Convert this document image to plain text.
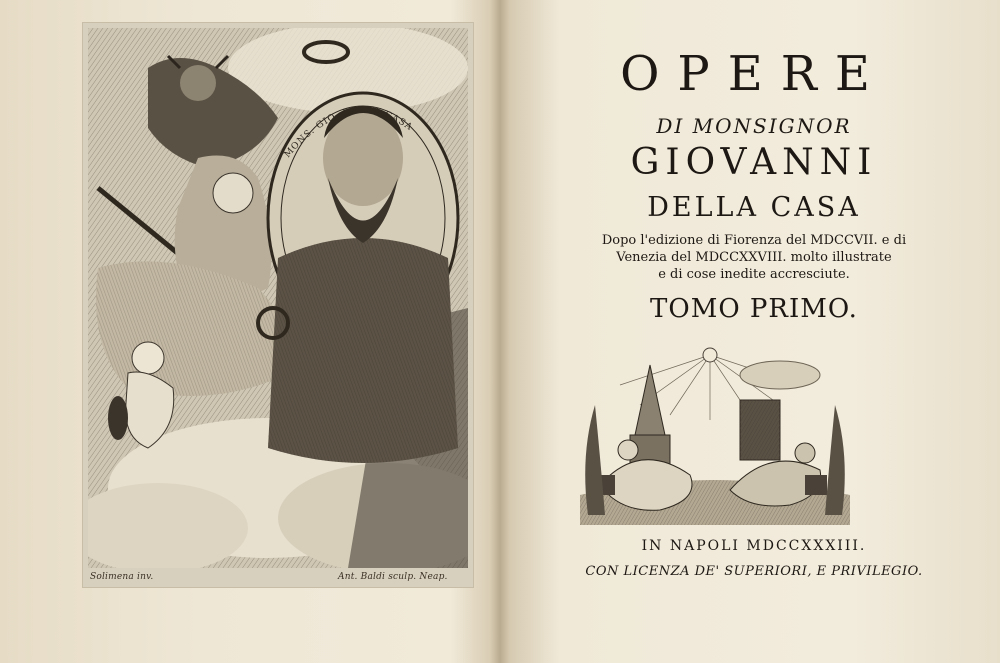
MONS. GIO. DELLA CASA
Solimena inv.	Ant. Baldi sculp. Neap.
OPERE
DI MONSIGNOR
GIOVANNI
DELLA CASA
Dopo l'edizione di Fiorenza del MDCCVII. e di
Venezia del MDCCXXVIII. molto illustrate
e di cose inedite accresciute.
TOMO PRIMO.
IN NAPOLI MDCCXXXIII.
CON LICENZA DE' SUPERIORI, E PRIVILEGIO.
